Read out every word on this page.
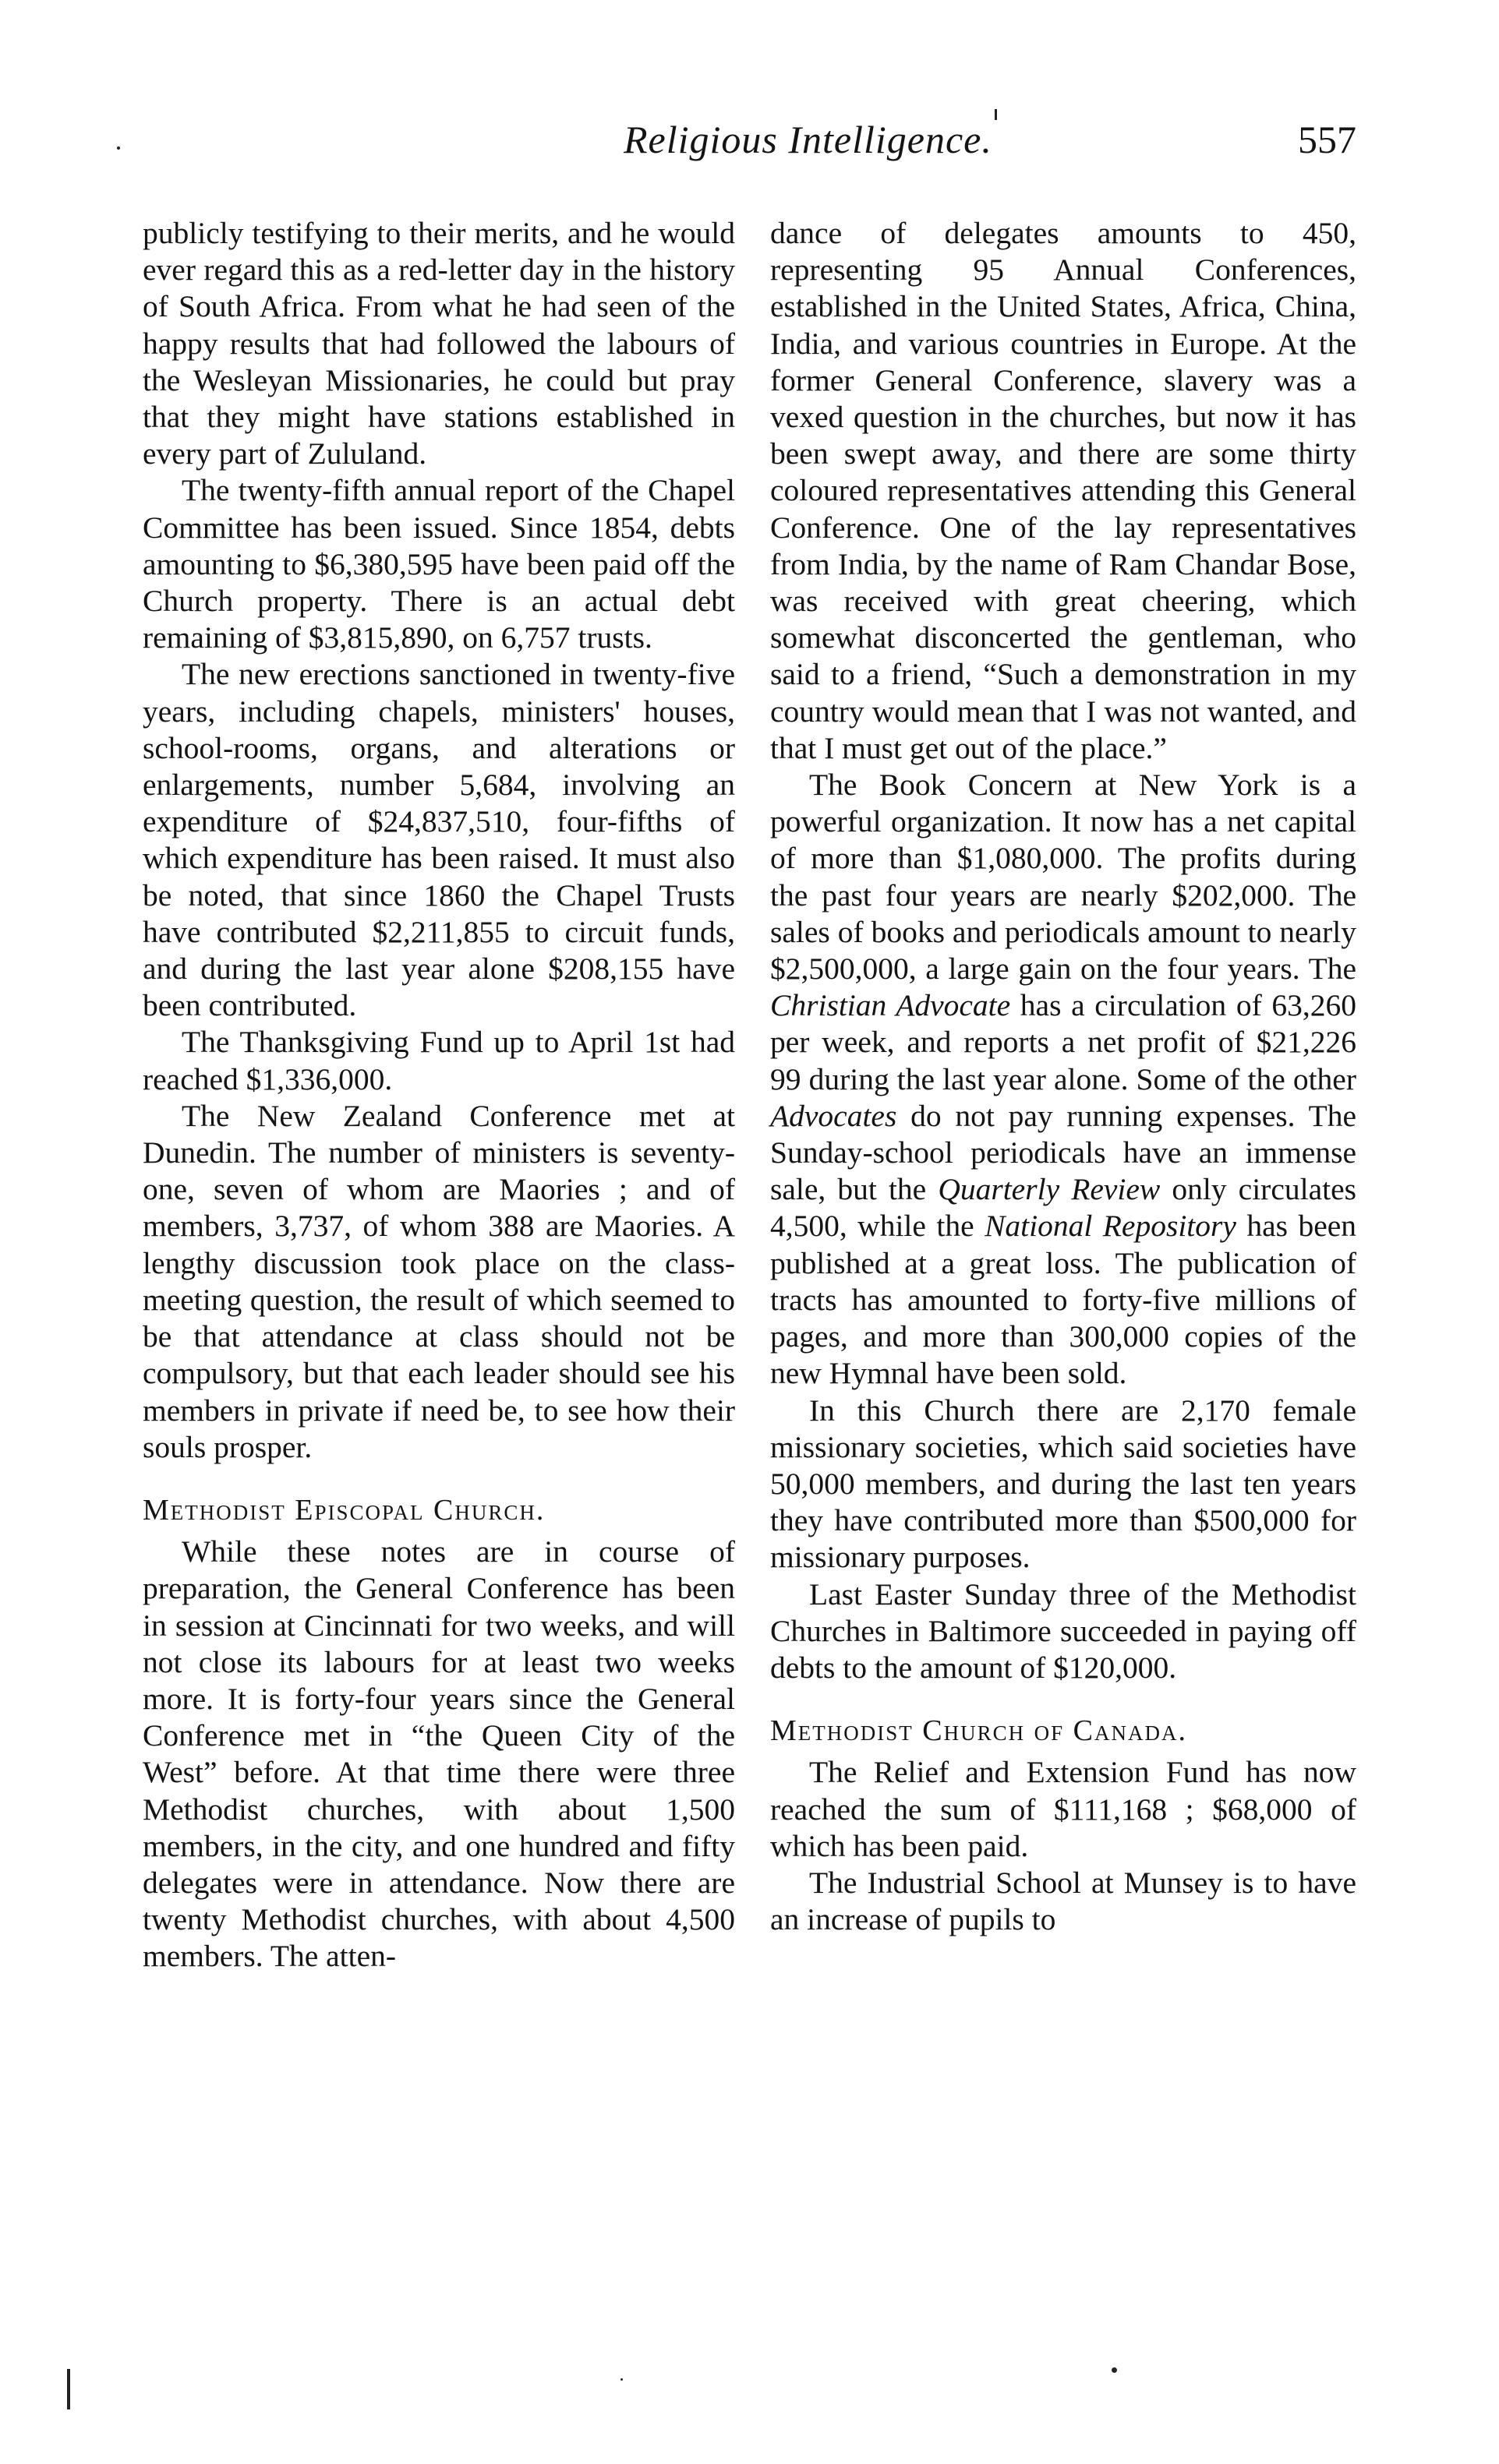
Religious Intelligence.	557

publicly testifying to their merits, and he would ever regard this as a red-letter day in the history of South Africa. From what he had seen of the happy results that had followed the labours of the Wesleyan Missionaries, he could but pray that they might have stations established in every part of Zululand.

The twenty-fifth annual report of the Chapel Committee has been issued. Since 1854, debts amounting to $6,380,595 have been paid off the Church property. There is an actual debt remaining of $3,815,890, on 6,757 trusts.

The new erections sanctioned in twenty-five years, including chapels, ministers' houses, school-rooms, organs, and alterations or enlargements, number 5,684, involving an expenditure of $24,837,510, four-fifths of which expenditure has been raised. It must also be noted, that since 1860 the Chapel Trusts have contributed $2,211,855 to circuit funds, and during the last year alone $208,155 have been contributed.

The Thanksgiving Fund up to April 1st had reached $1,336,000.

The New Zealand Conference met at Dunedin. The number of ministers is seventy-one, seven of whom are Maories ; and of members, 3,737, of whom 388 are Maories. A lengthy discussion took place on the class-meeting question, the result of which seemed to be that attendance at class should not be compulsory, but that each leader should see his members in private if need be, to see how their souls prosper.

Methodist Episcopal Church.

While these notes are in course of preparation, the General Conference has been in session at Cincinnati for two weeks, and will not close its labours for at least two weeks more. It is forty-four years since the General Conference met in “the Queen City of the West” before. At that time there were three Methodist churches, with about 1,500 members, in the city, and one hundred and fifty delegates were in attendance. Now there are twenty Methodist churches, with about 4,500 members. The atten-

dance of delegates amounts to 450, representing 95 Annual Conferences, established in the United States, Africa, China, India, and various countries in Europe. At the former General Conference, slavery was a vexed question in the churches, but now it has been swept away, and there are some thirty coloured representatives attending this General Conference. One of the lay representatives from India, by the name of Ram Chandar Bose, was received with great cheering, which somewhat disconcerted the gentleman, who said to a friend, “Such a demonstration in my country would mean that I was not wanted, and that I must get out of the place.”

The Book Concern at New York is a powerful organization. It now has a net capital of more than $1,080,000. The profits during the past four years are nearly $202,000. The sales of books and periodicals amount to nearly $2,500,000, a large gain on the four years. The Christian Advocate has a circulation of 63,260 per week, and reports a net profit of $21,226 99 during the last year alone. Some of the other Advocates do not pay running expenses. The Sunday-school periodicals have an immense sale, but the Quarterly Review only circulates 4,500, while the National Repository has been published at a great loss. The publication of tracts has amounted to forty-five millions of pages, and more than 300,000 copies of the new Hymnal have been sold.

In this Church there are 2,170 female missionary societies, which said societies have 50,000 members, and during the last ten years they have contributed more than $500,000 for missionary purposes.

Last Easter Sunday three of the Methodist Churches in Baltimore succeeded in paying off debts to the amount of $120,000.

Methodist Church of Canada.

The Relief and Extension Fund has now reached the sum of $111,168 ; $68,000 of which has been paid.

The Industrial School at Munsey is to have an increase of pupils to
